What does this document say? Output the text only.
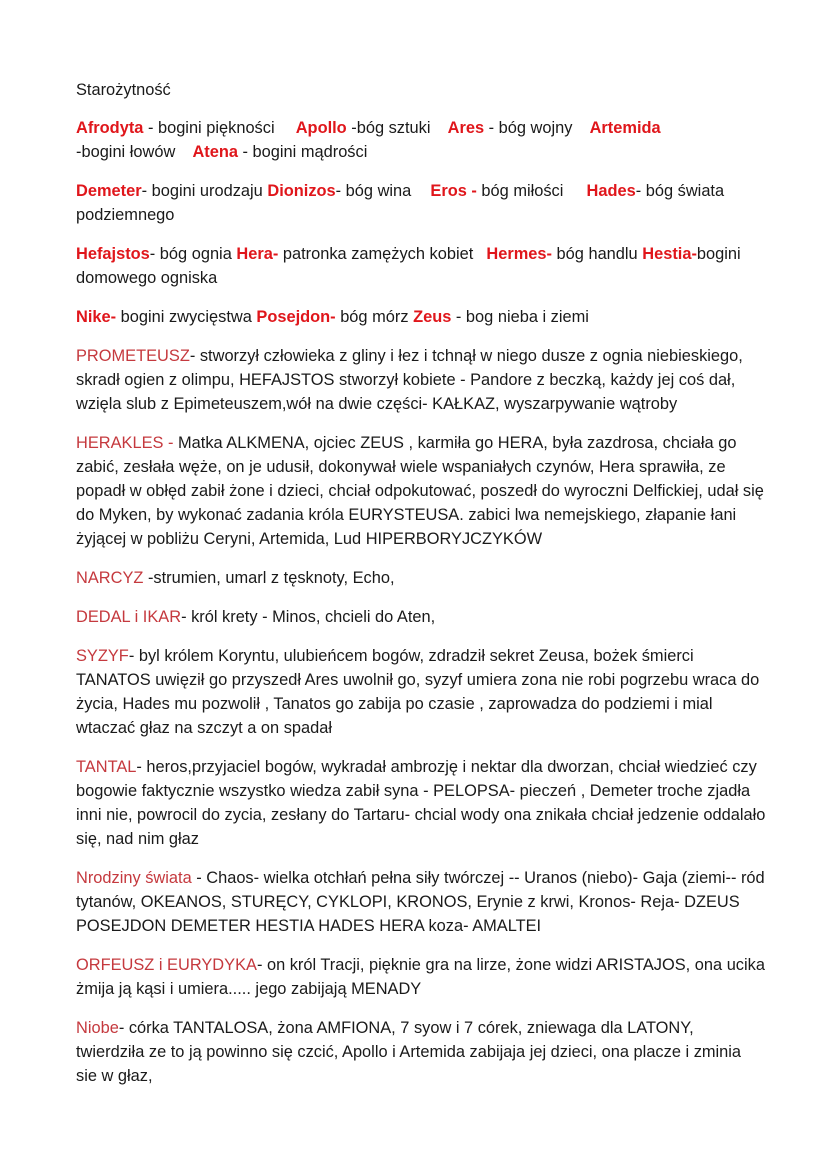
Starożytność

Afrodyta - bogini piękności Apollo -bóg sztuki Ares - bóg wojny Artemida
-bogini łowów Atena - bogini mądrości

Demeter- bogini urodzaju Dionizos- bóg wina Eros - bóg miłości Hades- bóg świata podziemnego

Hefajstos- bóg ognia Hera- patronka zamężych kobiet Hermes- bóg handlu Hestia-bogini domowego ogniska

Nike- bogini zwycięstwa Posejdon- bóg mórz Zeus - bog nieba i ziemi

PROMETEUSZ- stworzył człowieka z gliny i łez i tchnął w niego dusze z ognia niebieskiego, skradł ogien z olimpu, HEFAJSTOS stworzył kobiete - Pandore z beczką, każdy jej coś dał, wzięla slub z Epimeteuszem,wół na dwie części- KAŁKAZ, wyszarpywanie wątroby

HERAKLES - Matka ALKMENA, ojciec ZEUS , karmiła go HERA, była zazdrosa, chciała go zabić, zesłała węże, on je udusił, dokonywał wiele wspaniałych czynów, Hera sprawiła, ze popadł w obłęd zabił żone i dzieci, chciał odpokutować, poszedł do wyroczni Delfickiej, udał się do Myken, by wykonać zadania króla EURYSTEUSA. zabici lwa nemejskiego, złapanie łani żyjącej w pobliżu Ceryni, Artemida, Lud HIPERBORYJCZYKÓW

NARCYZ -strumien, umarl z tęsknoty, Echo,

DEDAL i IKAR- król krety - Minos, chcieli do Aten,

SYZYF- byl królem Koryntu, ulubieńcem bogów, zdradził sekret Zeusa, bożek śmierci TANATOS uwięził go przyszedł Ares uwolnił go, syzyf umiera zona nie robi pogrzebu wraca do życia, Hades mu pozwolił , Tanatos go zabija po czasie , zaprowadza do podziemi i mial wtaczać głaz na szczyt a on spadał

TANTAL- heros,przyjaciel bogów, wykradał ambrozję i nektar dla dworzan, chciał wiedzieć czy bogowie faktycznie wszystko wiedza zabił syna - PELOPSA- pieczeń , Demeter troche zjadła inni nie, powrocil do zycia, zesłany do Tartaru- chcial wody ona znikała chciał jedzenie oddalało się, nad nim głaz

Nrodziny świata - Chaos- wielka otchłań pełna siły twórczej -- Uranos (niebo)- Gaja (ziemi-- ród tytanów, OKEANOS, STURĘCY, CYKLOPI, KRONOS, Erynie z krwi, Kronos- Reja- DZEUS POSEJDON DEMETER HESTIA HADES HERA koza- AMALTEI

ORFEUSZ i EURYDYKA- on król Tracji, pięknie gra na lirze, żone widzi ARISTAJOS, ona ucika żmija ją kąsi i umiera..... jego zabijają MENADY

Niobe- córka TANTALOSA, żona AMFIONA, 7 syow i 7 córek, zniewaga dla LATONY, twierdziła ze to ją powinno się czcić, Apollo i Artemida zabijaja jej dzieci, ona placze i zminia sie w głaz,
